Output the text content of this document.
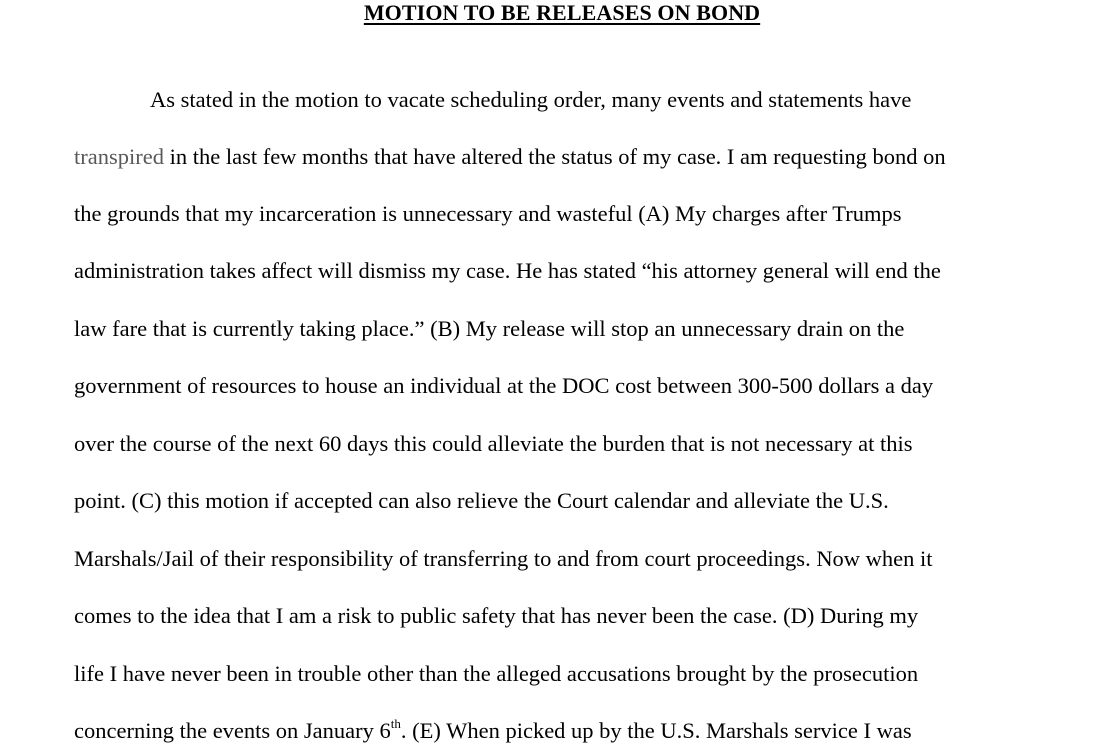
MOTION TO BE RELEASES ON BOND
As stated in the motion to vacate scheduling order, many events and statements have
transpired in the last few months that have altered the status of my case. I am requesting bond on
the grounds that my incarceration is unnecessary and wasteful (A) My charges after Trumps
administration takes affect will dismiss my case. He has stated “his attorney general will end the
law fare that is currently taking place.” (B) My release will stop an unnecessary drain on the
government of resources to house an individual at the DOC cost between 300-500 dollars a day
over the course of the next 60 days this could alleviate the burden that is not necessary at this
point. (C) this motion if accepted can also relieve the Court calendar and alleviate the U.S.
Marshals/Jail of their responsibility of transferring to and from court proceedings. Now when it
comes to the idea that I am a risk to public safety that has never been the case. (D) During my
life I have never been in trouble other than the alleged accusations brought by the prosecution
concerning the events on January 6th. (E) When picked up by the U.S. Marshals service I was
